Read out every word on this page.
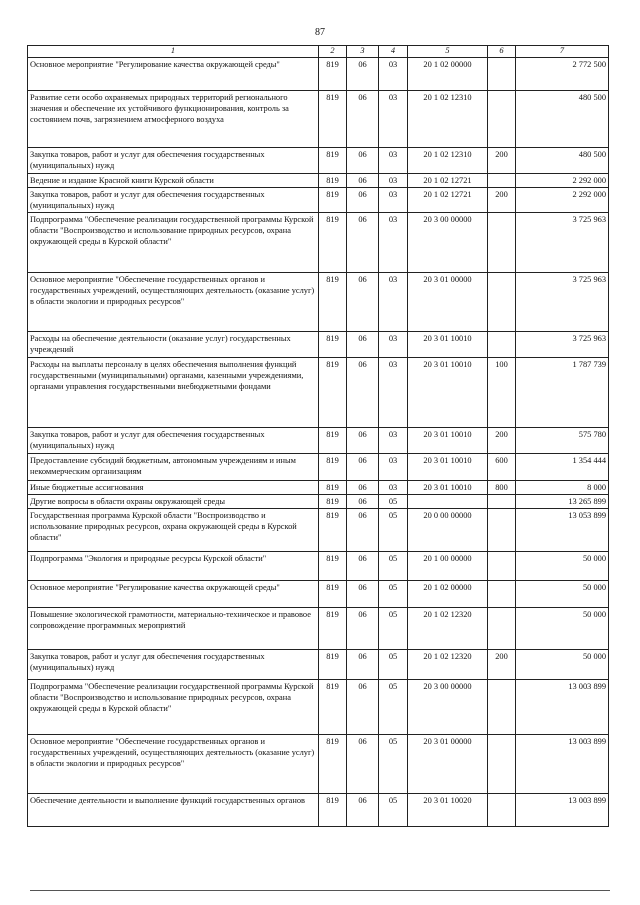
87
1	2	3	4	5	6	7
Основное мероприятие "Регулирование качества окружающей среды"	819	06	03	20 1 02 00000		2 772 500
Развитие сети особо охраняемых природных территорий регионального значения и обеспечение их устойчивого функционирования, контроль за состоянием почв, загрязнением атмосферного воздуха	819	06	03	20 1 02 12310		480 500
Закупка товаров, работ и услуг для обеспечения государственных (муниципальных) нужд	819	06	03	20 1 02 12310	200	480 500
Ведение и издание Красной книги Курской области	819	06	03	20 1 02 12721		2 292 000
Закупка товаров, работ и услуг для обеспечения государственных (муниципальных) нужд	819	06	03	20 1 02 12721	200	2 292 000
Подпрограмма "Обеспечение реализации государственной программы Курской области "Воспроизводство и использование природных ресурсов, охрана окружающей среды в Курской области"	819	06	03	20 3 00 00000		3 725 963
Основное мероприятие "Обеспечение государственных органов и государственных учреждений, осуществляющих деятельность (оказание услуг) в области экологии и природных ресурсов"	819	06	03	20 3 01 00000		3 725 963
Расходы на обеспечение деятельности (оказание услуг) государственных учреждений	819	06	03	20 3 01 10010		3 725 963
Расходы на выплаты персоналу в целях обеспечения выполнения функций государственными (муниципальными) органами, казенными учреждениями, органами управления государственными внебюджетными фондами	819	06	03	20 3 01 10010	100	1 787 739
Закупка товаров, работ и услуг для обеспечения государственных (муниципальных) нужд	819	06	03	20 3 01 10010	200	575 780
Предоставление субсидий бюджетным, автономным учреждениям и иным некоммерческим организациям	819	06	03	20 3 01 10010	600	1 354 444
Иные бюджетные ассигнования	819	06	03	20 3 01 10010	800	8 000
Другие вопросы в области охраны окружающей среды	819	06	05			13 265 899
Государственная программа Курской области "Воспроизводство и использование природных ресурсов, охрана окружающей среды в Курской области"	819	06	05	20 0 00 00000		13 053 899
Подпрограмма "Экология и природные ресурсы Курской области"	819	06	05	20 1 00 00000		50 000
Основное мероприятие "Регулирование качества окружающей среды"	819	06	05	20 1 02 00000		50 000
Повышение экологической грамотности, материально-техническое и правовое сопровождение программных мероприятий	819	06	05	20 1 02 12320		50 000
Закупка товаров, работ и услуг для обеспечения государственных (муниципальных) нужд	819	06	05	20 1 02 12320	200	50 000
Подпрограмма "Обеспечение реализации государственной программы Курской области "Воспроизводство и использование природных ресурсов, охрана окружающей среды в Курской области"	819	06	05	20 3 00 00000		13 003 899
Основное мероприятие "Обеспечение государственных органов и государственных учреждений, осуществляющих деятельность (оказание услуг) в области экологии и природных ресурсов"	819	06	05	20 3 01 00000		13 003 899
Обеспечение деятельности и выполнение функций государственных органов	819	06	05	20 3 01 10020		13 003 899
